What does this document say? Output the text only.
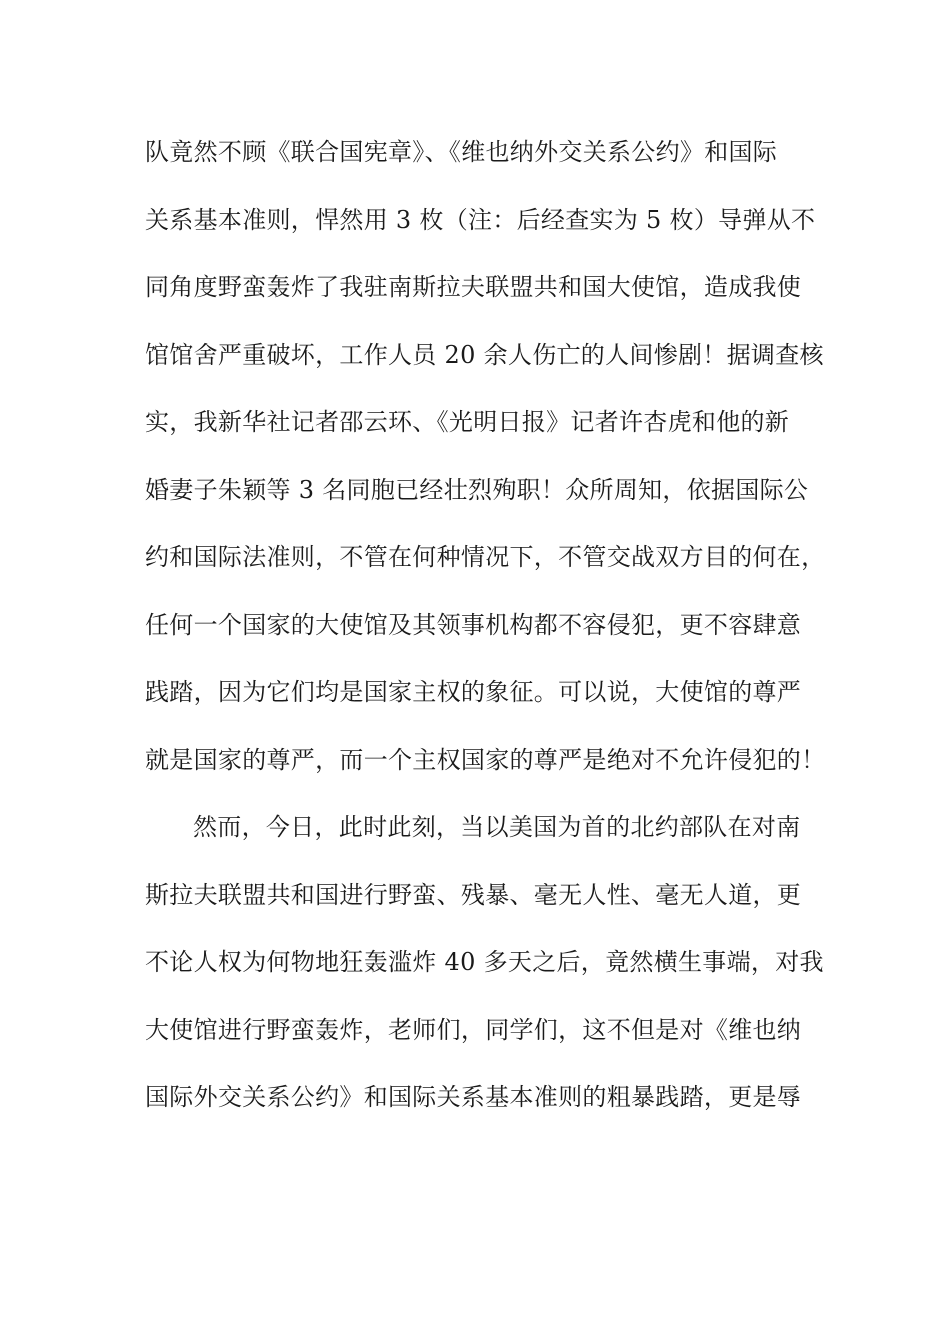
队竟然不顾《联合国宪章》、《维也纳外交关系公约》和国际
关系基本准则，悍然用 3 枚（注：后经查实为 5 枚）导弹从不
同角度野蛮轰炸了我驻南斯拉夫联盟共和国大使馆，造成我使
馆馆舍严重破坏，工作人员 20 余人伤亡的人间惨剧！据调查核
实，我新华社记者邵云环、《光明日报》记者许杏虎和他的新
婚妻子朱颖等 3 名同胞已经壮烈殉职！众所周知，依据国际公
约和国际法准则，不管在何种情况下，不管交战双方目的何在，
任何一个国家的大使馆及其领事机构都不容侵犯，更不容肆意
践踏，因为它们均是国家主权的象征。可以说，大使馆的尊严
就是国家的尊严，而一个主权国家的尊严是绝对不允许侵犯的！
然而，今日，此时此刻，当以美国为首的北约部队在对南
斯拉夫联盟共和国进行野蛮、残暴、毫无人性、毫无人道，更
不论人权为何物地狂轰滥炸 40 多天之后，竟然横生事端，对我
大使馆进行野蛮轰炸，老师们，同学们，这不但是对《维也纳
国际外交关系公约》和国际关系基本准则的粗暴践踏，更是辱
